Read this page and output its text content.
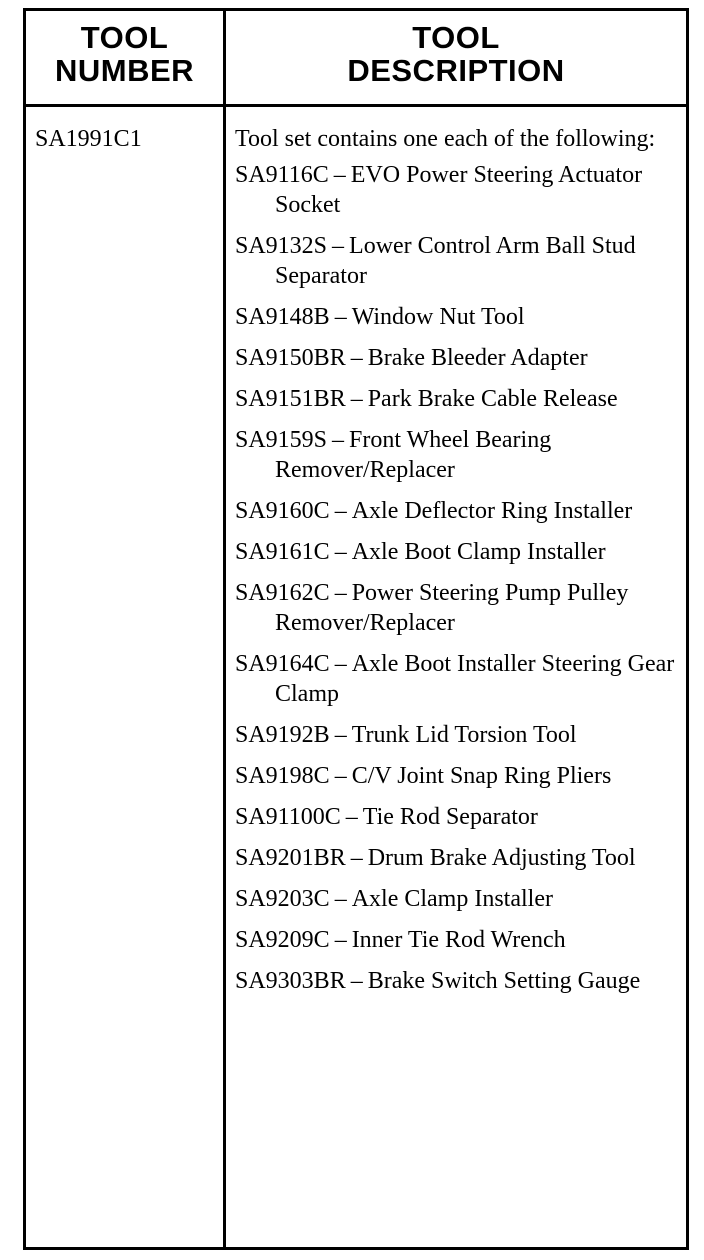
TOOL
NUMBER
TOOL
DESCRIPTION
SA1991C1	Tool set contains one each of the following:

SA9116C – EVO Power Steering Actuator Socket
SA9132S – Lower Control Arm Ball Stud Separator
SA9148B – Window Nut Tool
SA9150BR – Brake Bleeder Adapter
SA9151BR – Park Brake Cable Release
SA9159S – Front Wheel Bearing Remover/Replacer
SA9160C – Axle Deflector Ring Installer
SA9161C – Axle Boot Clamp Installer
SA9162C – Power Steering Pump Pulley Remover/Replacer
SA9164C – Axle Boot Installer Steering Gear Clamp
SA9192B – Trunk Lid Torsion Tool
SA9198C – C/V Joint Snap Ring Pliers
SA91100C – Tie Rod Separator
SA9201BR – Drum Brake Adjusting Tool
SA9203C – Axle Clamp Installer
SA9209C – Inner Tie Rod Wrench
SA9303BR – Brake Switch Setting Gauge
